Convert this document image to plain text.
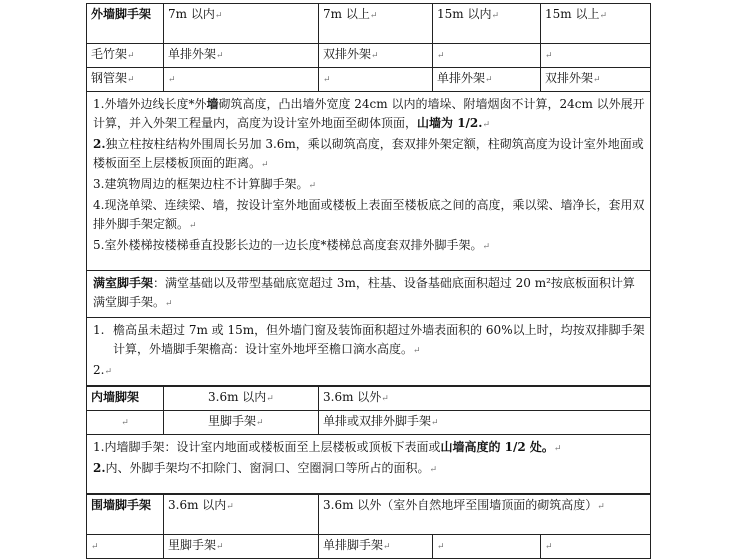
外墙脚手架	7m 以内↵	7m 以上↵	15m 以内↵	15m 以上↵
毛竹架↵	单排外架↵	双排外架↵	↵	↵
钢管架↵	↵	↵	单排外架↵	双排外架↵

1.外墙外边线长度*外墙砌筑高度，凸出墙外宽度 24cm 以内的墙垛、附墙烟囱不计算，24cm 以外展开计算，并入外架工程量内，高度为设计室外地面至砌体顶面，山墙为 1/2.↵

2.独立柱按柱结构外围周长另加 3.6m，乘以砌筑高度，套双排外架定额，柱砌筑高度为设计室外地面或楼板面至上层楼板顶面的距离。↵

3.建筑物周边的框架边柱不计算脚手架。↵

4.现浇单梁、连续梁、墙，按设计室外地面或楼板上表面至楼板底之间的高度，乘以梁、墙净长，套用双排外脚手架定额。↵

5.室外楼梯按楼梯垂直投影长边的一边长度*楼梯总高度套双排外脚手架。↵				

满室脚手架：满堂基础以及带型基础底宽超过 3m，柱基、设备基础底面积超过 20 m²按底板面积计算满堂脚手架。↵				

1. 檐高虽未超过 7m 或 15m，但外墙门窗及装饰面积超过外墙表面积的 60%以上时，均按双排脚手架计算，外墙脚手架檐高：设计室外地坪至檐口滴水高度。↵
2.↵				
内墙脚架	3.6m 以内↵	3.6m 以外↵
↵	里脚手架↵	单排或双排外脚手架↵

1.内墙脚手架：设计室内地面或楼板面至上层楼板或顶板下表面或山墙高度的 1/2 处。↵

2.内、外脚手架均不扣除门、窗洞口、空圈洞口等所占的面积。↵		

围墙脚手架	3.6m 以内↵	3.6m 以外（室外自然地坪至围墙顶面的砌筑高度）↵		
↵	里脚手架↵	单排脚手架↵	↵	↵
